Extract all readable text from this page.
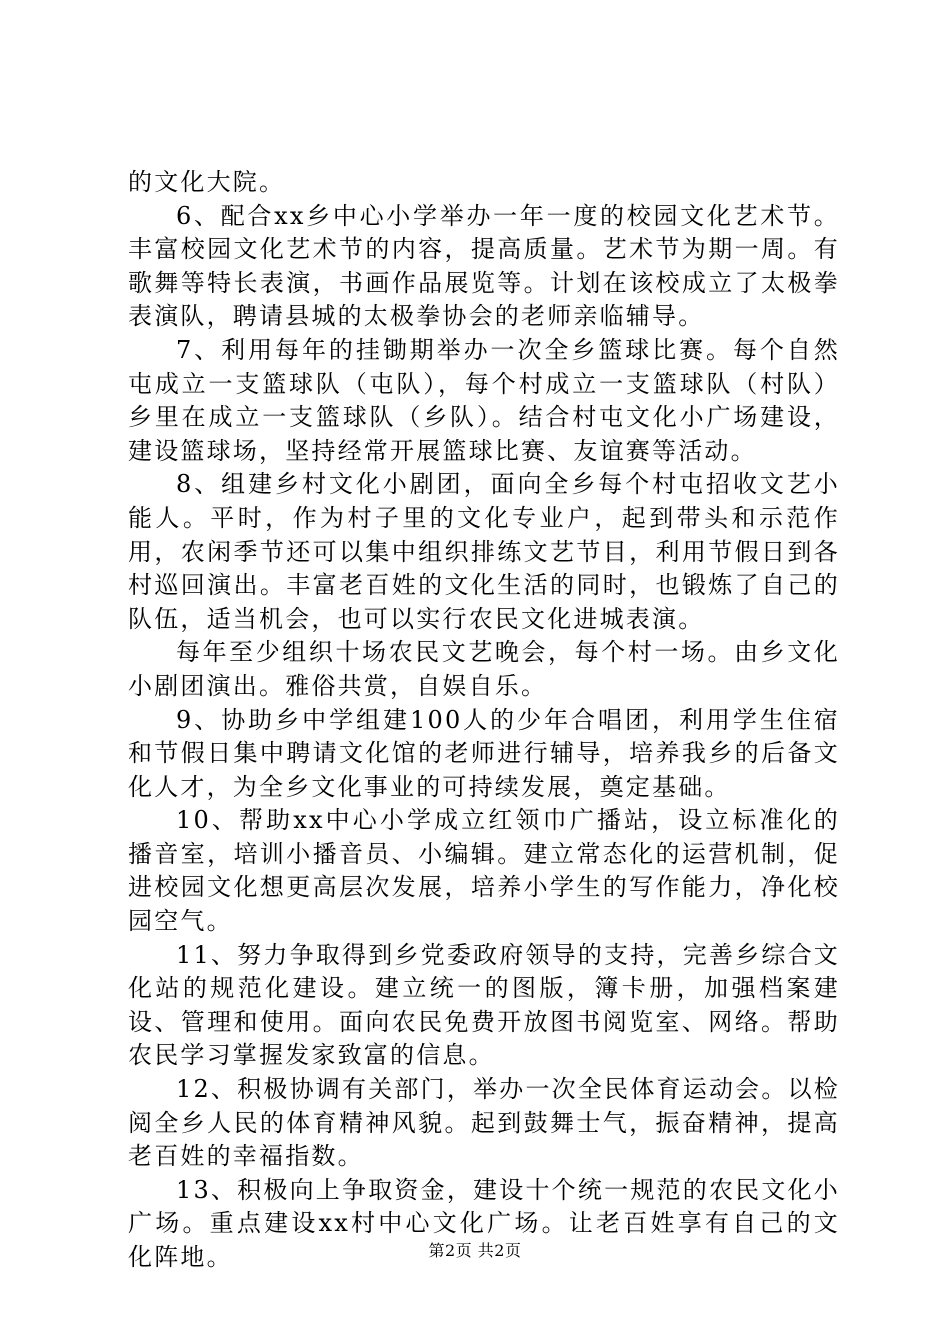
的文化大院。

6、配合xx乡中心小学举办一年一度的校园文化艺术节。丰富校园文化艺术节的内容，提高质量。艺术节为期一周。有歌舞等特长表演，书画作品展览等。计划在该校成立了太极拳表演队，聘请县城的太极拳协会的老师亲临辅导。

7、利用每年的挂锄期举办一次全乡篮球比赛。每个自然屯成立一支篮球队（屯队），每个村成立一支篮球队（村队）乡里在成立一支篮球队（乡队）。结合村屯文化小广场建设，建设篮球场，坚持经常开展篮球比赛、友谊赛等活动。

8、组建乡村文化小剧团，面向全乡每个村屯招收文艺小能人。平时，作为村子里的文化专业户，起到带头和示范作用，农闲季节还可以集中组织排练文艺节目，利用节假日到各村巡回演出。丰富老百姓的文化生活的同时，也锻炼了自己的队伍，适当机会，也可以实行农民文化进城表演。

每年至少组织十场农民文艺晚会，每个村一场。由乡文化小剧团演出。雅俗共赏，自娱自乐。

9、协助乡中学组建100人的少年合唱团，利用学生住宿和节假日集中聘请文化馆的老师进行辅导，培养我乡的后备文化人才，为全乡文化事业的可持续发展，奠定基础。

10、帮助xx中心小学成立红领巾广播站，设立标准化的播音室，培训小播音员、小编辑。建立常态化的运营机制，促进校园文化想更高层次发展，培养小学生的写作能力，净化校园空气。

11、努力争取得到乡党委政府领导的支持，完善乡综合文化站的规范化建设。建立统一的图版，簿卡册，加强档案建设、管理和使用。面向农民免费开放图书阅览室、网络。帮助农民学习掌握发家致富的信息。

12、积极协调有关部门，举办一次全民体育运动会。以检阅全乡人民的体育精神风貌。起到鼓舞士气，振奋精神，提高老百姓的幸福指数。

13、积极向上争取资金，建设十个统一规范的农民文化小广场。重点建设xx村中心文化广场。让老百姓享有自己的文化阵地。	第2页 共2页
